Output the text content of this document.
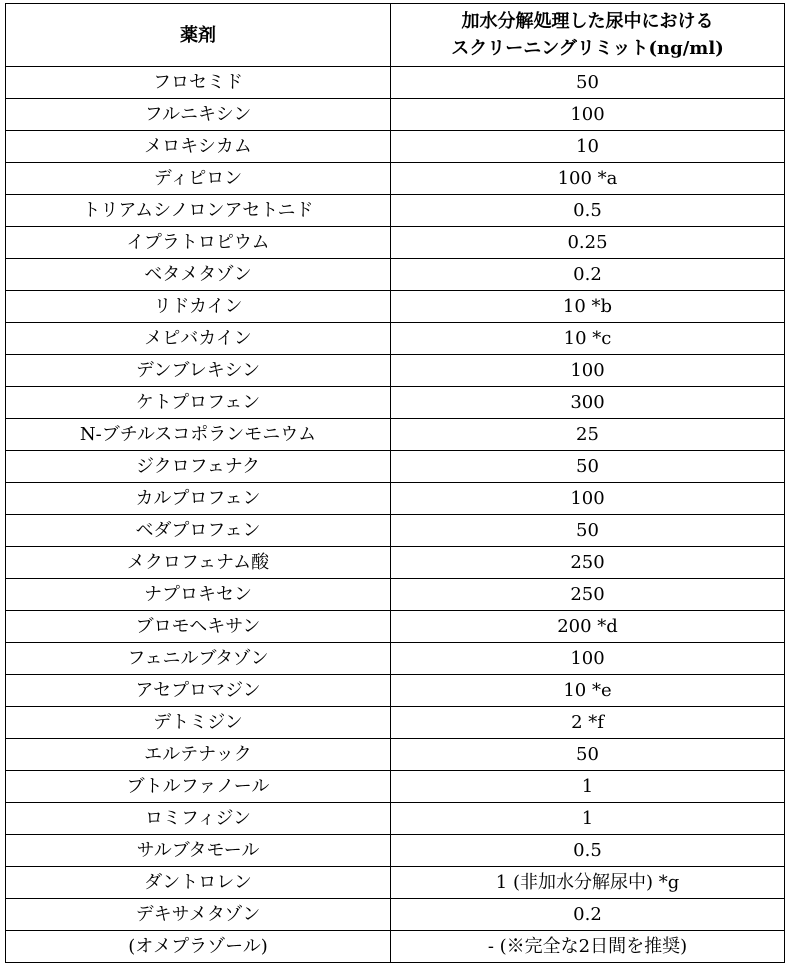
薬剤	加水分解処理した尿中における
スクリーニングリミット(ng/ml)

フロセミド	50
フルニキシン	100
メロキシカム	10
ディピロン	100 *a
トリアムシノロンアセトニド	0.5
イプラトロピウム	0.25
ベタメタゾン	0.2
リドカイン	10 *b
メピバカイン	10 *c
デンブレキシン	100
ケトプロフェン	300
N-ブチルスコポランモニウム	25
ジクロフェナク	50
カルプロフェン	100
ベダプロフェン	50
メクロフェナム酸	250
ナプロキセン	250
ブロモヘキサン	200 *d
フェニルブタゾン	100
アセプロマジン	10 *e
デトミジン	2 *f
エルテナック	50
ブトルファノール	1
ロミフィジン	1
サルブタモール	0.5
ダントロレン	1 (非加水分解尿中) *g
デキサメタゾン	0.2
(オメプラゾール)	- (※完全な2日間を推奨)
